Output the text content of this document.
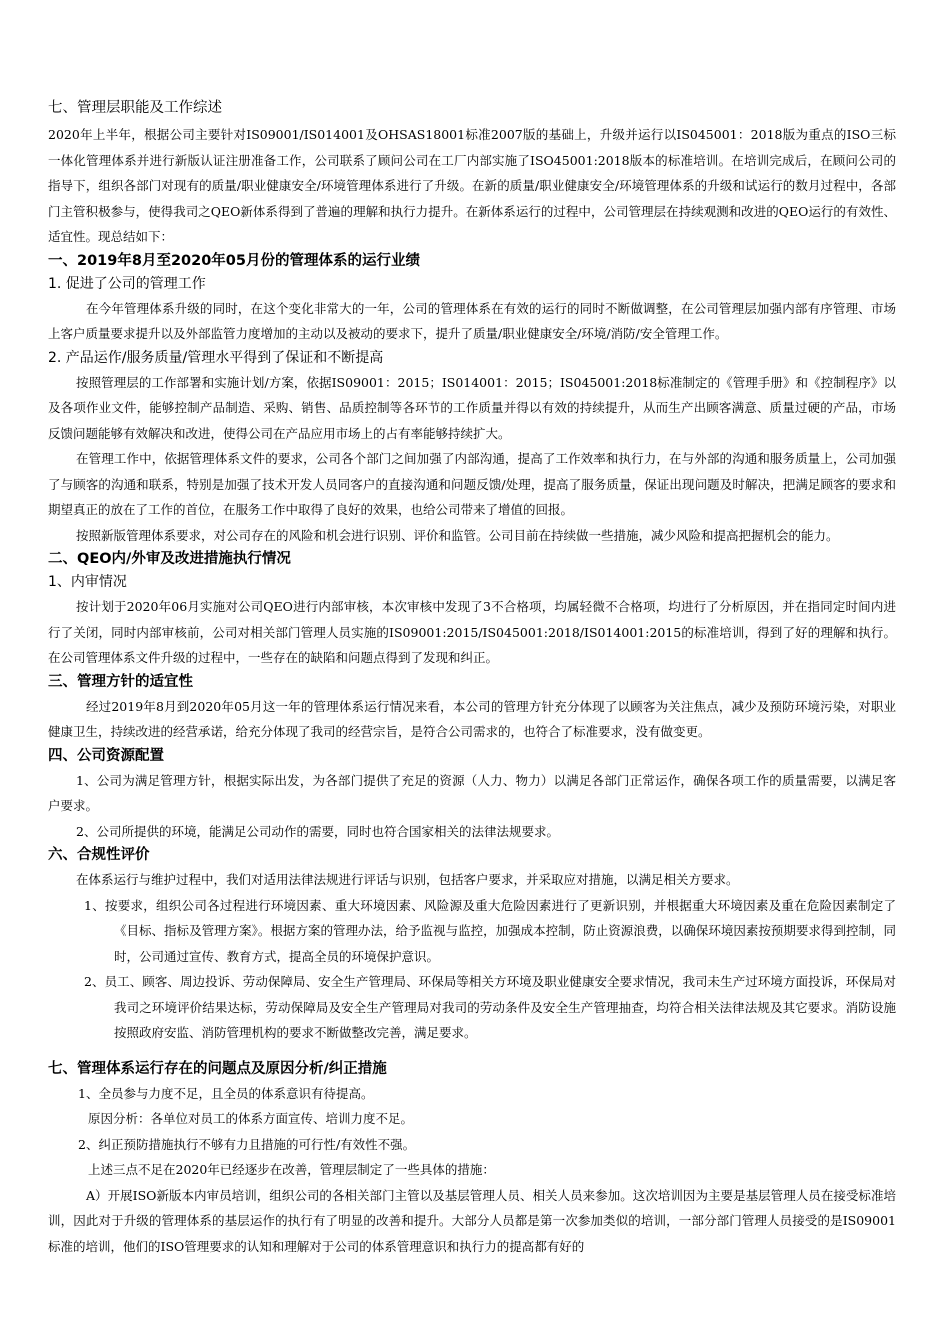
七、管理层职能及工作综述

2020年上半年，根据公司主要针对IS09001/IS014001及OHSAS18001标准2007版的基础上，升级并运行以IS045001：2018版为重点的ISO三标一体化管理体系并进行新版认证注册准备工作，公司联系了顾问公司在工厂内部实施了ISO45001:2018版本的标准培训。在培训完成后，在顾问公司的指导下，组织各部门对现有的质量/职业健康安全/环境管理体系进行了升级。在新的质量/职业健康安全/环境管理体系的升级和试运行的数月过程中，各部门主管积极参与，使得我司之QEO新体系得到了普遍的理解和执行力提升。在新体系运行的过程中，公司管理层在持续观测和改进的QEO运行的有效性、适宜性。现总结如下：

一、2019年8月至2020年05月份的管理体系的运行业绩

1. 促进了公司的管理工作

在今年管理体系升级的同时，在这个变化非常大的一年，公司的管理体系在有效的运行的同时不断做调整，在公司管理层加强内部有序管理、市场上客户质量要求提升以及外部监管力度增加的主动以及被动的要求下，提升了质量/职业健康安全/环境/消防/安全管理工作。

2. 产品运作/服务质量/管理水平得到了保证和不断提高

按照管理层的工作部署和实施计划/方案，依据IS09001：2015；IS014001：2015；IS045001:2018标准制定的《管理手册》和《控制程序》以及各项作业文件，能够控制产品制造、采购、销售、品质控制等各环节的工作质量并得以有效的持续提升，从而生产出顾客满意、质量过硬的产品，市场反馈问题能够有效解决和改进，使得公司在产品应用市场上的占有率能够持续扩大。

在管理工作中，依据管理体系文件的要求，公司各个部门之间加强了内部沟通，提高了工作效率和执行力，在与外部的沟通和服务质量上，公司加强了与顾客的沟通和联系，特别是加强了技术开发人员同客户的直接沟通和问题反馈/处理，提高了服务质量，保证出现问题及时解决，把满足顾客的要求和期望真正的放在了工作的首位，在服务工作中取得了良好的效果，也给公司带来了增值的回报。

按照新版管理体系要求，对公司存在的风险和机会进行识别、评价和监管。公司目前在持续做一些措施，减少风险和提高把握机会的能力。

二、QEO内/外审及改进措施执行情况

1、内审情况

按计划于2020年06月实施对公司QEO进行内部审核，本次审核中发现了3不合格项，均属轻微不合格项，均进行了分析原因，并在指同定时间内进行了关闭，同时内部审核前，公司对相关部门管理人员实施的IS09001:2015/IS045001:2018/IS014001:2015的标准培训，得到了好的理解和执行。在公司管理体系文件升级的过程中，一些存在的缺陷和问题点得到了发现和纠正。

三、管理方针的适宜性

经过2019年8月到2020年05月这一年的管理体系运行情况来看，本公司的管理方针充分体现了以顾客为关注焦点，减少及预防环境污染，对职业健康卫生，持续改进的经营承诺，给充分体现了我司的经营宗旨，是符合公司需求的，也符合了标准要求，没有做变更。

四、公司资源配置

1、公司为满足管理方针，根据实际出发，为各部门提供了充足的资源（人力、物力）以满足各部门正常运作，确保各项工作的质量需要，以满足客户要求。

2、公司所提供的环境，能满足公司动作的需要，同时也符合国家相关的法律法规要求。

六、合规性评价

在体系运行与维护过程中，我们对适用法律法规进行评话与识别，包括客户要求，并采取应对措施，以满足相关方要求。

1、按要求，组织公司各过程进行环境因素、重大环境因素、风险源及重大危险因素进行了更新识别，并根据重大环境因素及重在危险因素制定了《目标、指标及管理方案》。根据方案的管理办法，给予监视与监控，加强成本控制，防止资源浪费，以确保环境因素按预期要求得到控制，同时，公司通过宣传、教育方式，提高全员的环境保护意识。

2、员工、顾客、周边投诉、劳动保障局、安全生产管理局、环保局等相关方环境及职业健康安全要求情况，我司未生产过环境方面投诉，环保局对我司之环境评价结果达标，劳动保障局及安全生产管理局对我司的劳动条件及安全生产管理抽查，均符合相关法律法规及其它要求。消防设施按照政府安监、消防管理机构的要求不断做整改完善，满足要求。

七、管理体系运行存在的问题点及原因分析/纠正措施

1、全员参与力度不足，且全员的体系意识有待提高。

原因分析：各单位对员工的体系方面宣传、培训力度不足。

2、纠正预防措施执行不够有力且措施的可行性/有效性不强。

上述三点不足在2020年已经逐步在改善，管理层制定了一些具体的措施：

A）开展ISO新版本内审员培训，组织公司的各相关部门主管以及基层管理人员、相关人员来参加。这次培训因为主要是基层管理人员在接受标准培训，因此对于升级的管理体系的基层运作的执行有了明显的改善和提升。大部分人员都是第一次参加类似的培训，一部分部门管理人员接受的是IS09001标准的培训，他们的ISO管理要求的认知和理解对于公司的体系管理意识和执行力的提高都有好的
